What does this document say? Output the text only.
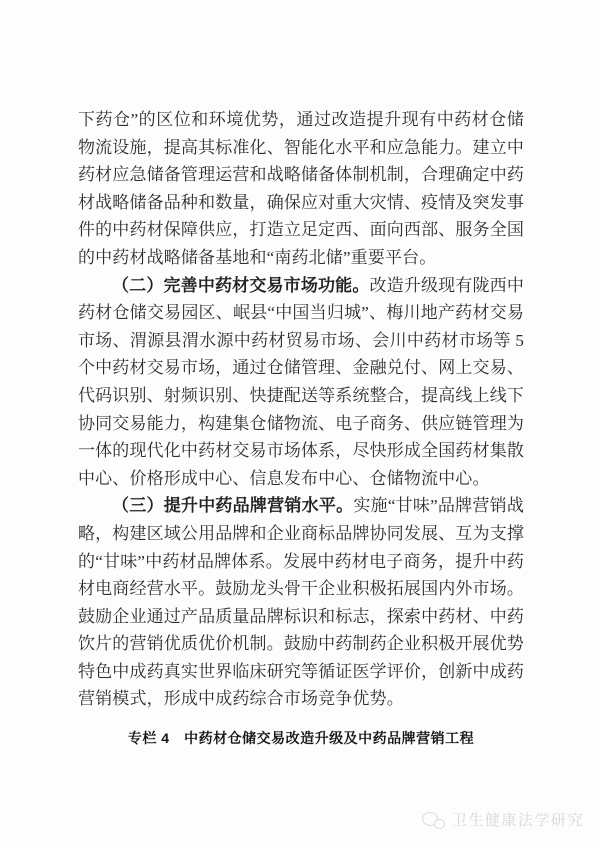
下药仓”的区位和环境优势，通过改造提升现有中药材仓储物流设施，提高其标准化、智能化水平和应急能力。建立中药材应急储备管理运营和战略储备体制机制，合理确定中药材战略储备品种和数量，确保应对重大灾情、疫情及突发事件的中药材保障供应，打造立足定西、面向西部、服务全国的中药材战略储备基地和“南药北储”重要平台。

（二）完善中药材交易市场功能。改造升级现有陇西中药材仓储交易园区、岷县“中国当归城”、梅川地产药材交易市场、渭源县渭水源中药材贸易市场、会川中药材市场等 5 个中药材交易市场，通过仓储管理、金融兑付、网上交易、代码识别、射频识别、快捷配送等系统整合，提高线上线下协同交易能力，构建集仓储物流、电子商务、供应链管理为一体的现代化中药材交易市场体系，尽快形成全国药材集散中心、价格形成中心、信息发布中心、仓储物流中心。

（三）提升中药品牌营销水平。实施“甘味”品牌营销战略，构建区域公用品牌和企业商标品牌协同发展、互为支撑的“甘味”中药材品牌体系。发展中药材电子商务，提升中药材电商经营水平。鼓励龙头骨干企业积极拓展国内外市场。鼓励企业通过产品质量品牌标识和标志，探索中药材、中药饮片的营销优质优价机制。鼓励中药制药企业积极开展优势特色中成药真实世界临床研究等循证医学评价，创新中成药营销模式，形成中成药综合市场竞争优势。

专栏 4　中药材仓储交易改造升级及中药品牌营销工程
卫生健康法学研究
